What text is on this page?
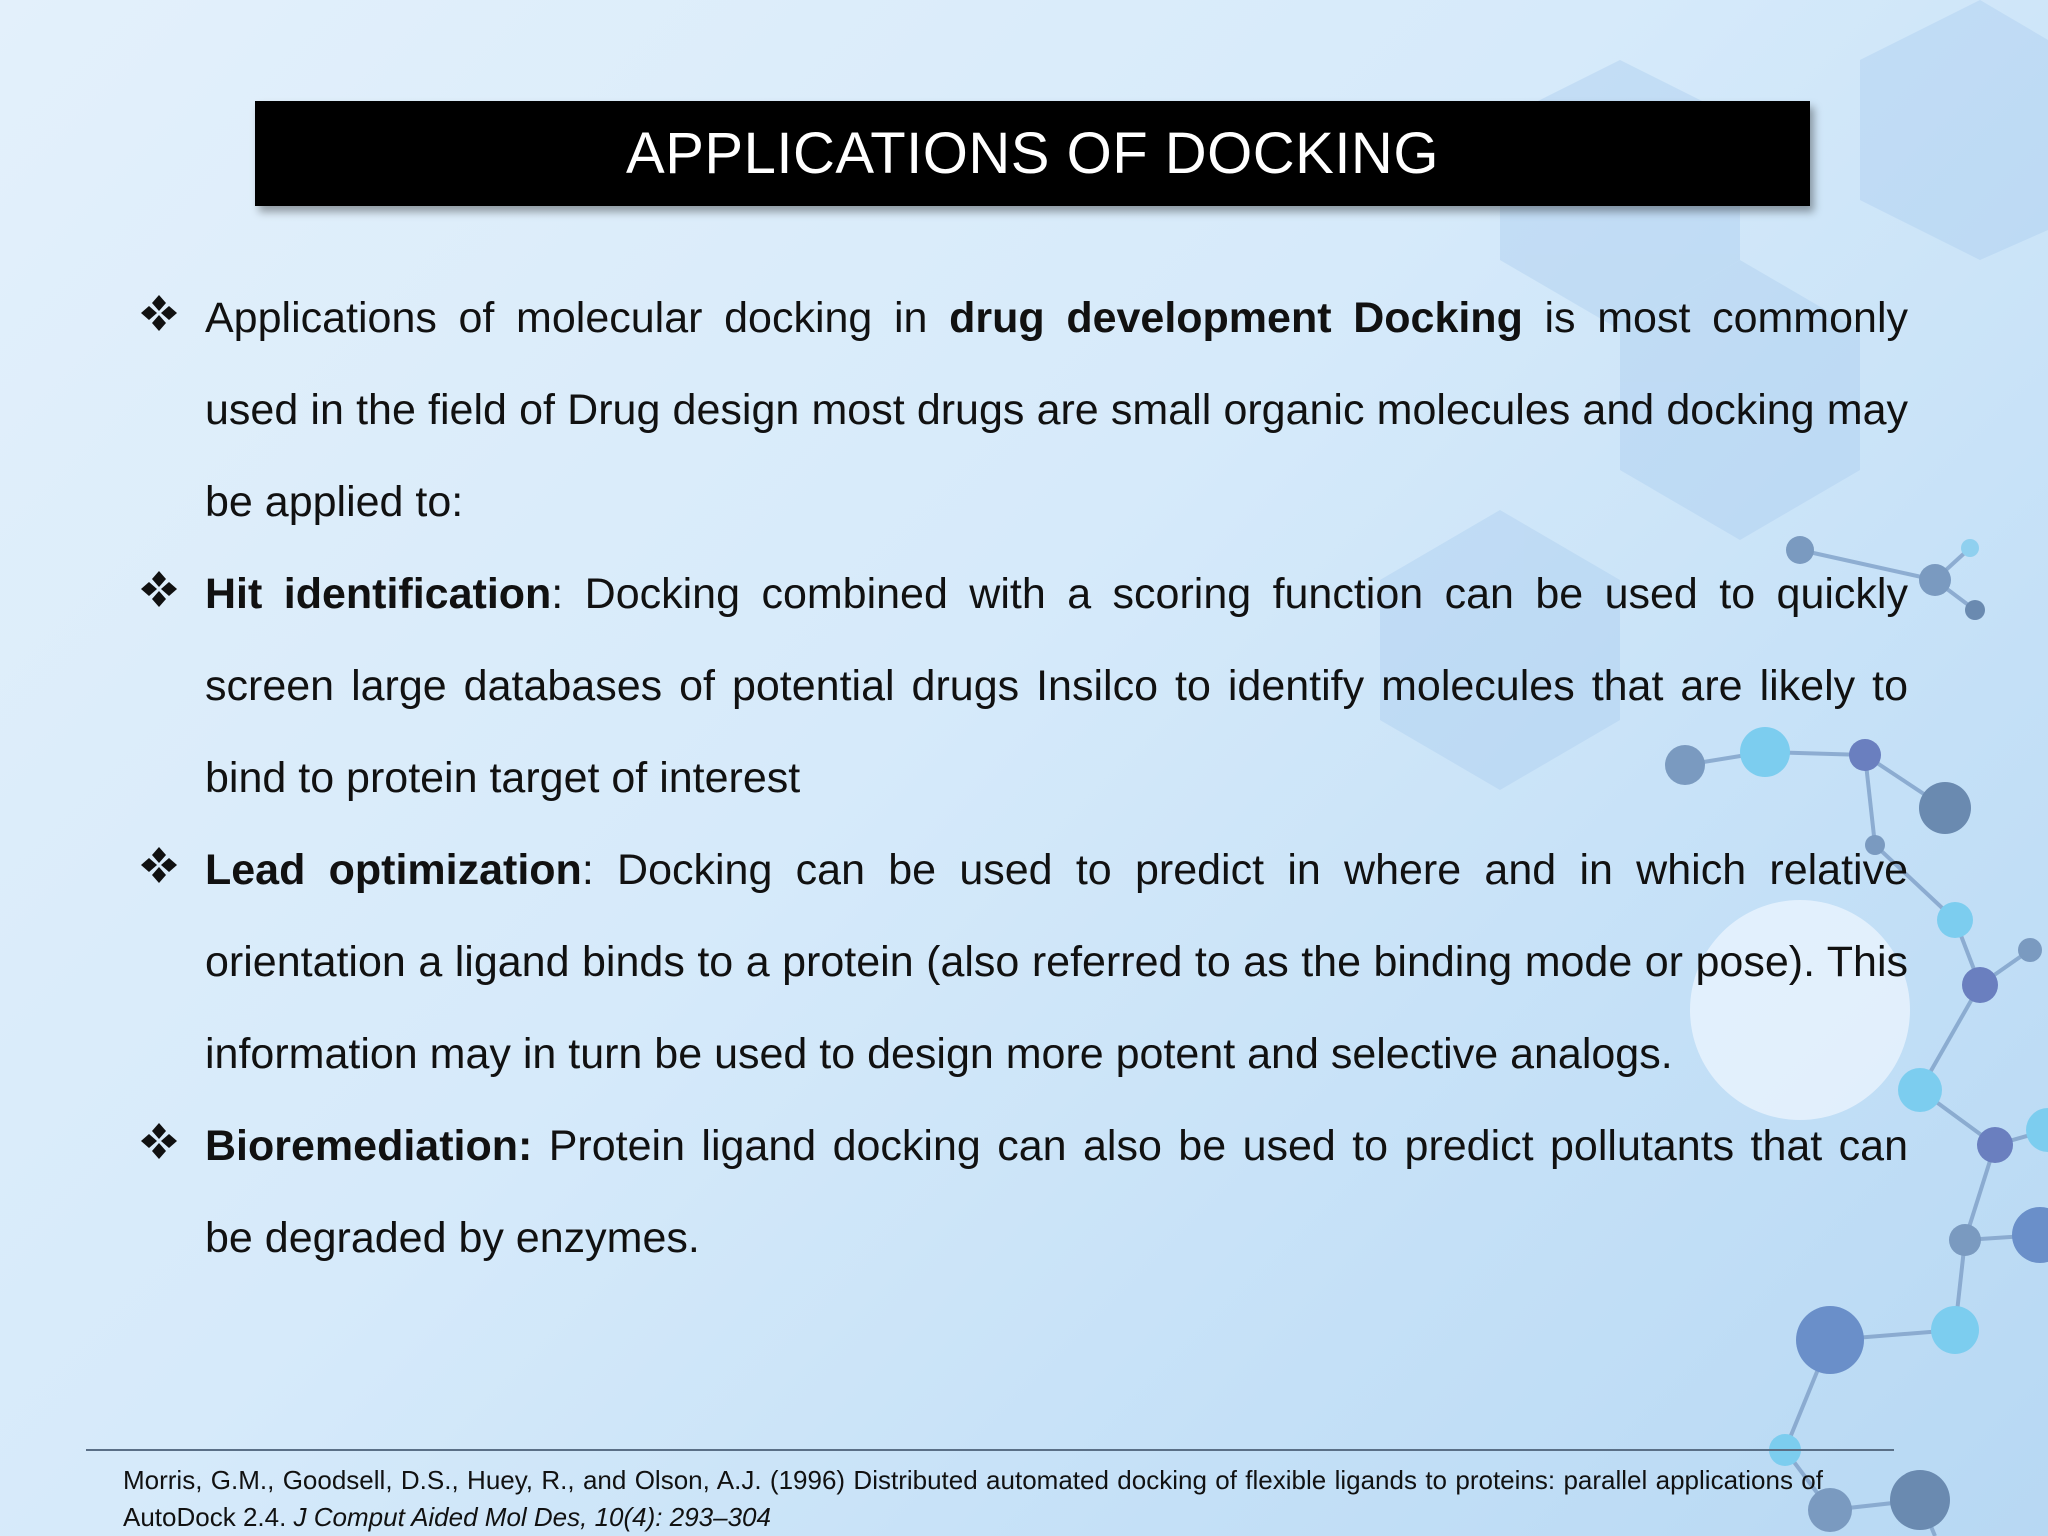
APPLICATIONS OF DOCKING

Applications of molecular docking in drug development Docking is most commonly used in the field of Drug design most drugs are small organic molecules and docking may be applied to:

Hit identification: Docking combined with a scoring function can be used to quickly screen large databases of potential drugs Insilco to identify molecules that are likely to bind to protein target of interest

Lead optimization: Docking can be used to predict in where and in which relative orientation a ligand binds to a protein (also referred to as the binding mode or pose). This information may in turn be used to design more potent and selective analogs.

Bioremediation: Protein ligand docking can also be used to predict pollutants that can be degraded by enzymes.

Morris, G.M., Goodsell, D.S., Huey, R., and Olson, A.J. (1996) Distributed automated docking of flexible ligands to proteins: parallel applications of AutoDock 2.4. J Comput Aided Mol Des, 10(4): 293–304
